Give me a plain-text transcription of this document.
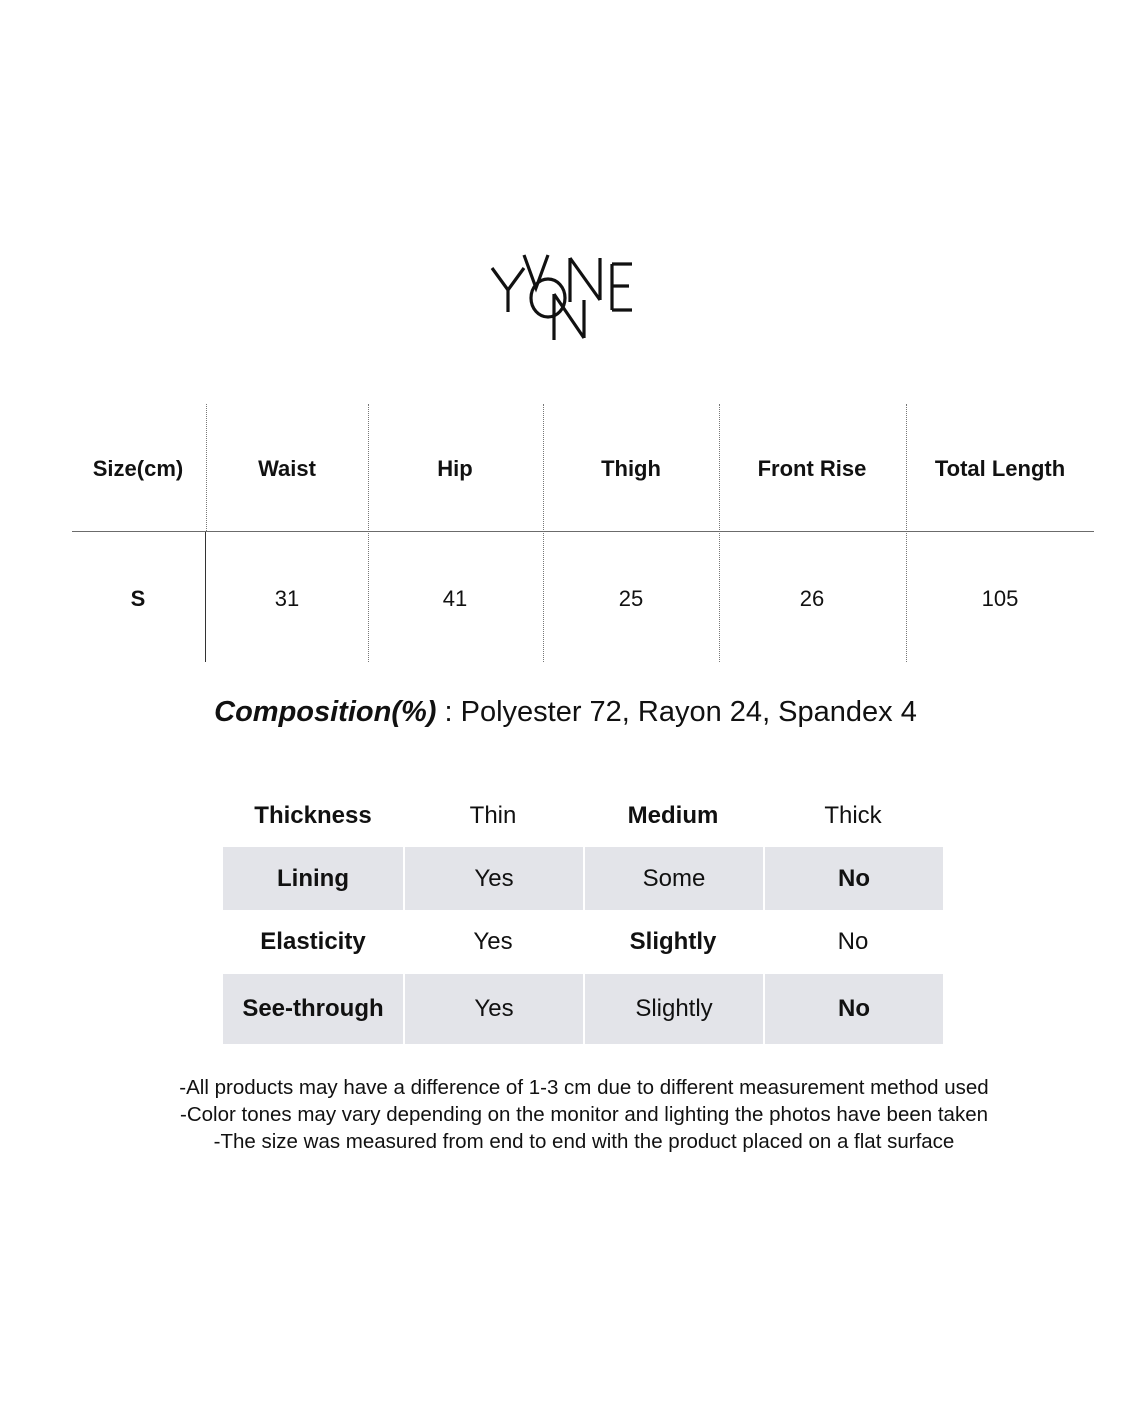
Size(cm)	Waist	Hip	Thigh	Front Rise	Total Length
S	31	41	25	26	105
Composition(%) : Polyester 72, Rayon 24, Spandex 4
Thickness	Thin	Medium	Thick
Lining	Yes	Some	No
Elasticity	Yes	Slightly	No
See-through	Yes	Slightly	No
-All products may have a difference of 1-3 cm due to different measurement method used
-Color tones may vary depending on the monitor and lighting the photos have been taken
-The size was measured from end to end with the product placed on a flat surface
